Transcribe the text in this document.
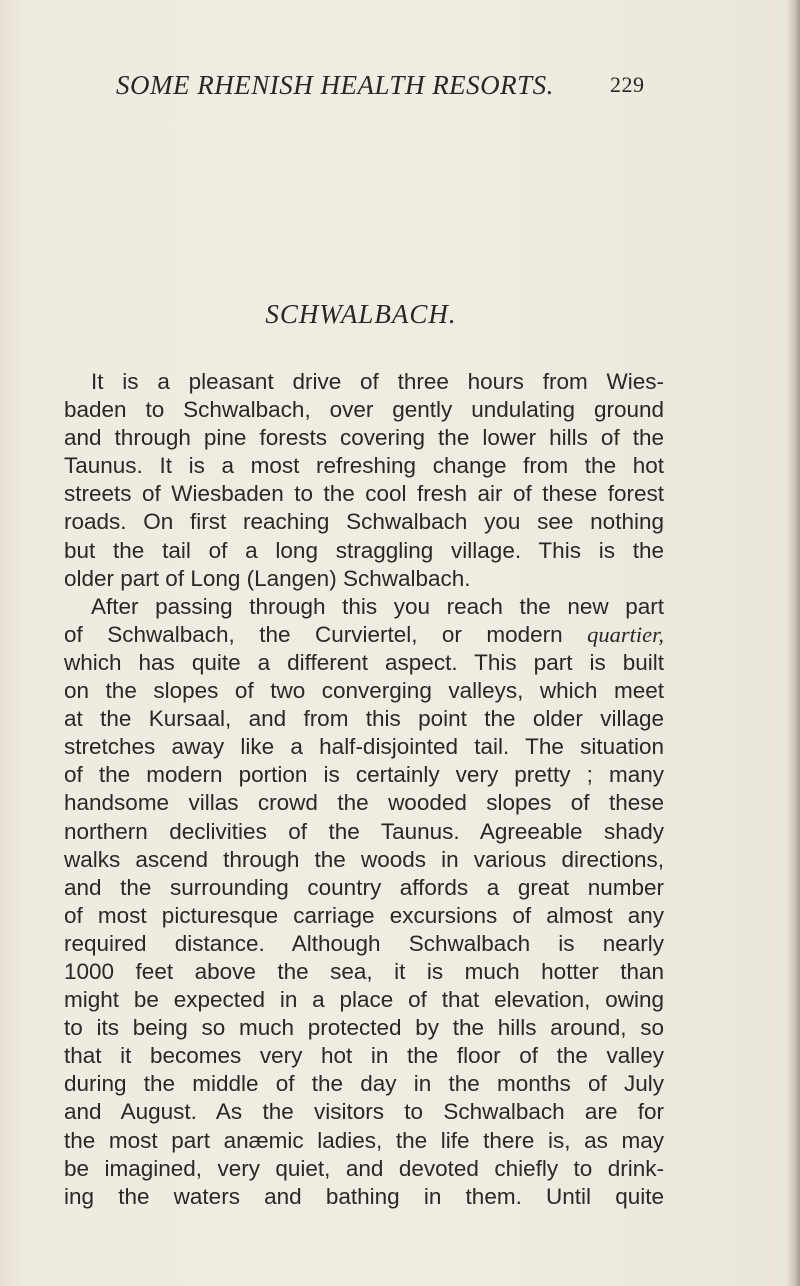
SOME RHENISH HEALTH RESORTS.	229
SCHWALBACH.
It is a pleasant drive of three hours from Wies-
baden to Schwalbach, over gently undulating ground
and through pine forests covering the lower hills of the
Taunus. It is a most refreshing change from the hot
streets of Wiesbaden to the cool fresh air of these forest
roads. On first reaching Schwalbach you see nothing
but the tail of a long straggling village. This is the
older part of Long (Langen) Schwalbach.
After passing through this you reach the new part
of Schwalbach, the Curviertel, or modern quartier,
which has quite a different aspect. This part is built
on the slopes of two converging valleys, which meet
at the Kursaal, and from this point the older village
stretches away like a half-disjointed tail. The situation
of the modern portion is certainly very pretty ; many
handsome villas crowd the wooded slopes of these
northern declivities of the Taunus. Agreeable shady
walks ascend through the woods in various directions,
and the surrounding country affords a great number
of most picturesque carriage excursions of almost any
required distance. Although Schwalbach is nearly
1000 feet above the sea, it is much hotter than
might be expected in a place of that elevation, owing
to its being so much protected by the hills around, so
that it becomes very hot in the floor of the valley
during the middle of the day in the months of July
and August. As the visitors to Schwalbach are for
the most part anæmic ladies, the life there is, as may
be imagined, very quiet, and devoted chiefly to drink-
ing the waters and bathing in them. Until quite
